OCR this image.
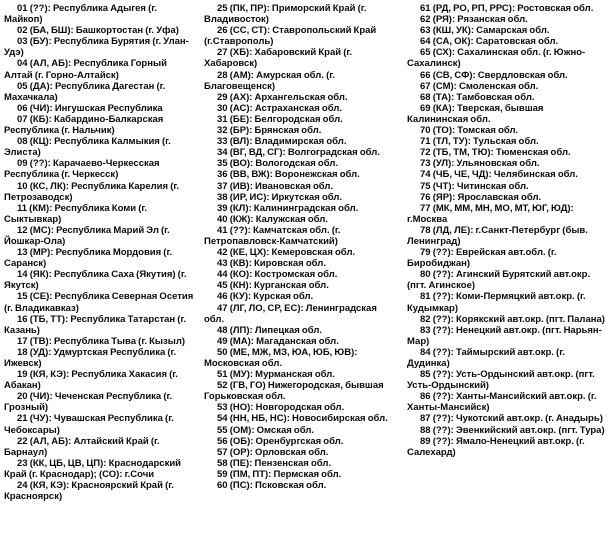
01 (??): Республика Адыгея (г. Майкоп)

02 (БА, БШ): Башкортостан (г. Уфа)

03 (БУ): Республика Бурятия (г. Улан-Удэ)

04 (АЛ, АБ): Республика Горный Алтай (г. Горно-Алтайск)

05 (ДА): Республика Дагестан (г. Махачкала)

06 (ЧИ): Ингушская Республика

07 (КБ): Кабардино-Балкарская Республика (г. Нальчик)

08 (КЦ): Республика Калмыкия (г. Элиста)

09 (??): Карачаево-Черкесская Республика (г. Черкесск)

10 (КС, ЛК): Республика Карелия (г. Петрозаводск)

11 (КМ): Республика Коми (г. Сыктывкар)

12 (МС): Республика Марий Эл (г. Йошкар-Ола)

13 (МР): Республика Мордовия (г. Саранск)

14 (ЯК): Республика Саха (Якутия) (г. Якутск)

15 (СЕ): Республика Северная Осетия (г. Владикавказ)

16 (ТБ, ТТ): Республика Татарстан (г. Казань)

17 (ТВ): Республика Тыва (г. Кызыл)

18 (УД): Удмуртская Республика (г. Ижевск)

19 (КЯ, КЭ): Республика Хакасия (г. Абакан)

20 (ЧИ): Чеченская Республика (г. Грозный)

21 (ЧУ): Чувашская Республика (г. Чебоксары)

22 (АЛ, АБ): Алтайский Край (г. Барнаул)

23 (КК, ЦБ, ЦВ, ЦП): Краснодарский Край (г. Краснодар); (СО): г.Сочи

24 (КЯ, КЭ): Красноярский Край (г. Красноярск)

25 (ПК, ПР): Приморский Край (г. Владивосток)

26 (СС, СТ): Ставропольский Край (г.Ставрополь)

27 (ХБ): Хабаровский Край (г. Хабаровск)

28 (АМ): Амурская обл. (г. Благовещенск)

29 (АХ): Архангельская обл.

30 (АС): Астраханская обл.

31 (БЕ): Белгородская обл.

32 (БР): Брянская обл.

33 (ВЛ): Владимирская обл.

34 (ВГ, ВД, СГ): Волгоградская обл.

35 (ВО): Вологодская обл.

36 (ВВ, ВЖ): Воронежская обл.

37 (ИВ): Ивановская обл.

38 (ИР, ИС): Иркутская обл.

39 (КЛ): Калининградская обл.

40 (КЖ): Калужская обл.

41 (??): Камчатская обл. (г. Петропавловск-Камчатский)

42 (КЕ, ЦХ): Кемеровская обл.

43 (КВ): Кировская обл.

44 (КО): Костромская обл.

45 (КН): Курганская обл.

46 (КУ): Курская обл.

47 (ЛГ, ЛО, СР, ЕС): Ленинградская обл.

48 (ЛП): Липецкая обл.

49 (МА): Магаданская обл.

50 (МЕ, МЖ, МЗ, ЮА, ЮБ, ЮВ): Московская обл.

51 (МУ): Мурманская обл.

52 (ГВ, ГО) Нижегородская, бывшая Горьковская обл.

53 (НО): Новгородская обл.

54 (НН, НБ, НС): Новосибирская обл.

55 (ОМ): Омская обл.

56 (ОБ): Оренбургская обл.

57 (ОР): Орловская обл.

58 (ПЕ): Пензенская обл.

59 (ПМ, ПТ): Пермская обл.

60 (ПС): Псковская обл.

61 (РД, РО, РП, РРС): Ростовская обл.

62 (РЯ): Рязанская обл.

63 (КШ, УК): Самарская обл.

64 (СА, ОК): Саратовская обл.

65 (СХ): Сахалинская обл. (г. Южно-Сахалинск)

66 (СВ, СФ): Свердловская обл.

67 (СМ): Смоленская обл.

68 (ТА): Тамбовская обл.

69 (КА): Тверская, бывшая Калининская обл.

70 (ТО): Томская обл.

71 (ТЛ, ТУ): Тульская обл.

72 (ТБ, ТМ, ТЮ): Тюменская обл.

73 (УЛ): Ульяновская обл.

74 (ЧБ, ЧЕ, ЧД): Челябинская обл.

75 (ЧТ): Читинская обл.

76 (ЯР): Ярославская обл.

77 (МК, ММ, МН, МО, МТ, ЮГ, ЮД): г.Москва

78 (ЛД, ЛЕ): г.Санкт-Петербург (быв. Ленинград)

79 (??): Еврейская авт.обл. (г. Биробиджан)

80 (??): Агинский Бурятский авт.окр. (пгт. Агинское)

81 (??): Коми-Пермяцкий авт.окр. (г. Кудымкар)

82 (??): Корякский авт.окр. (пгт. Палана)

83 (??): Ненецкий авт.окр. (пгт. Нарьян-Мар)

84 (??): Таймырский авт.окр. (г. Дудинка)

85 (??): Усть-Ордынский авт.окр. (пгт. Усть-Ордынский)

86 (??): Ханты-Мансийский авт.окр. (г. Ханты-Мансийск)

87 (??): Чукотский авт.окр. (г. Анадырь)

88 (??): Эвенкийский авт.окр. (пгт. Тура)

89 (??): Ямало-Ненецкий авт.окр. (г. Салехард)
